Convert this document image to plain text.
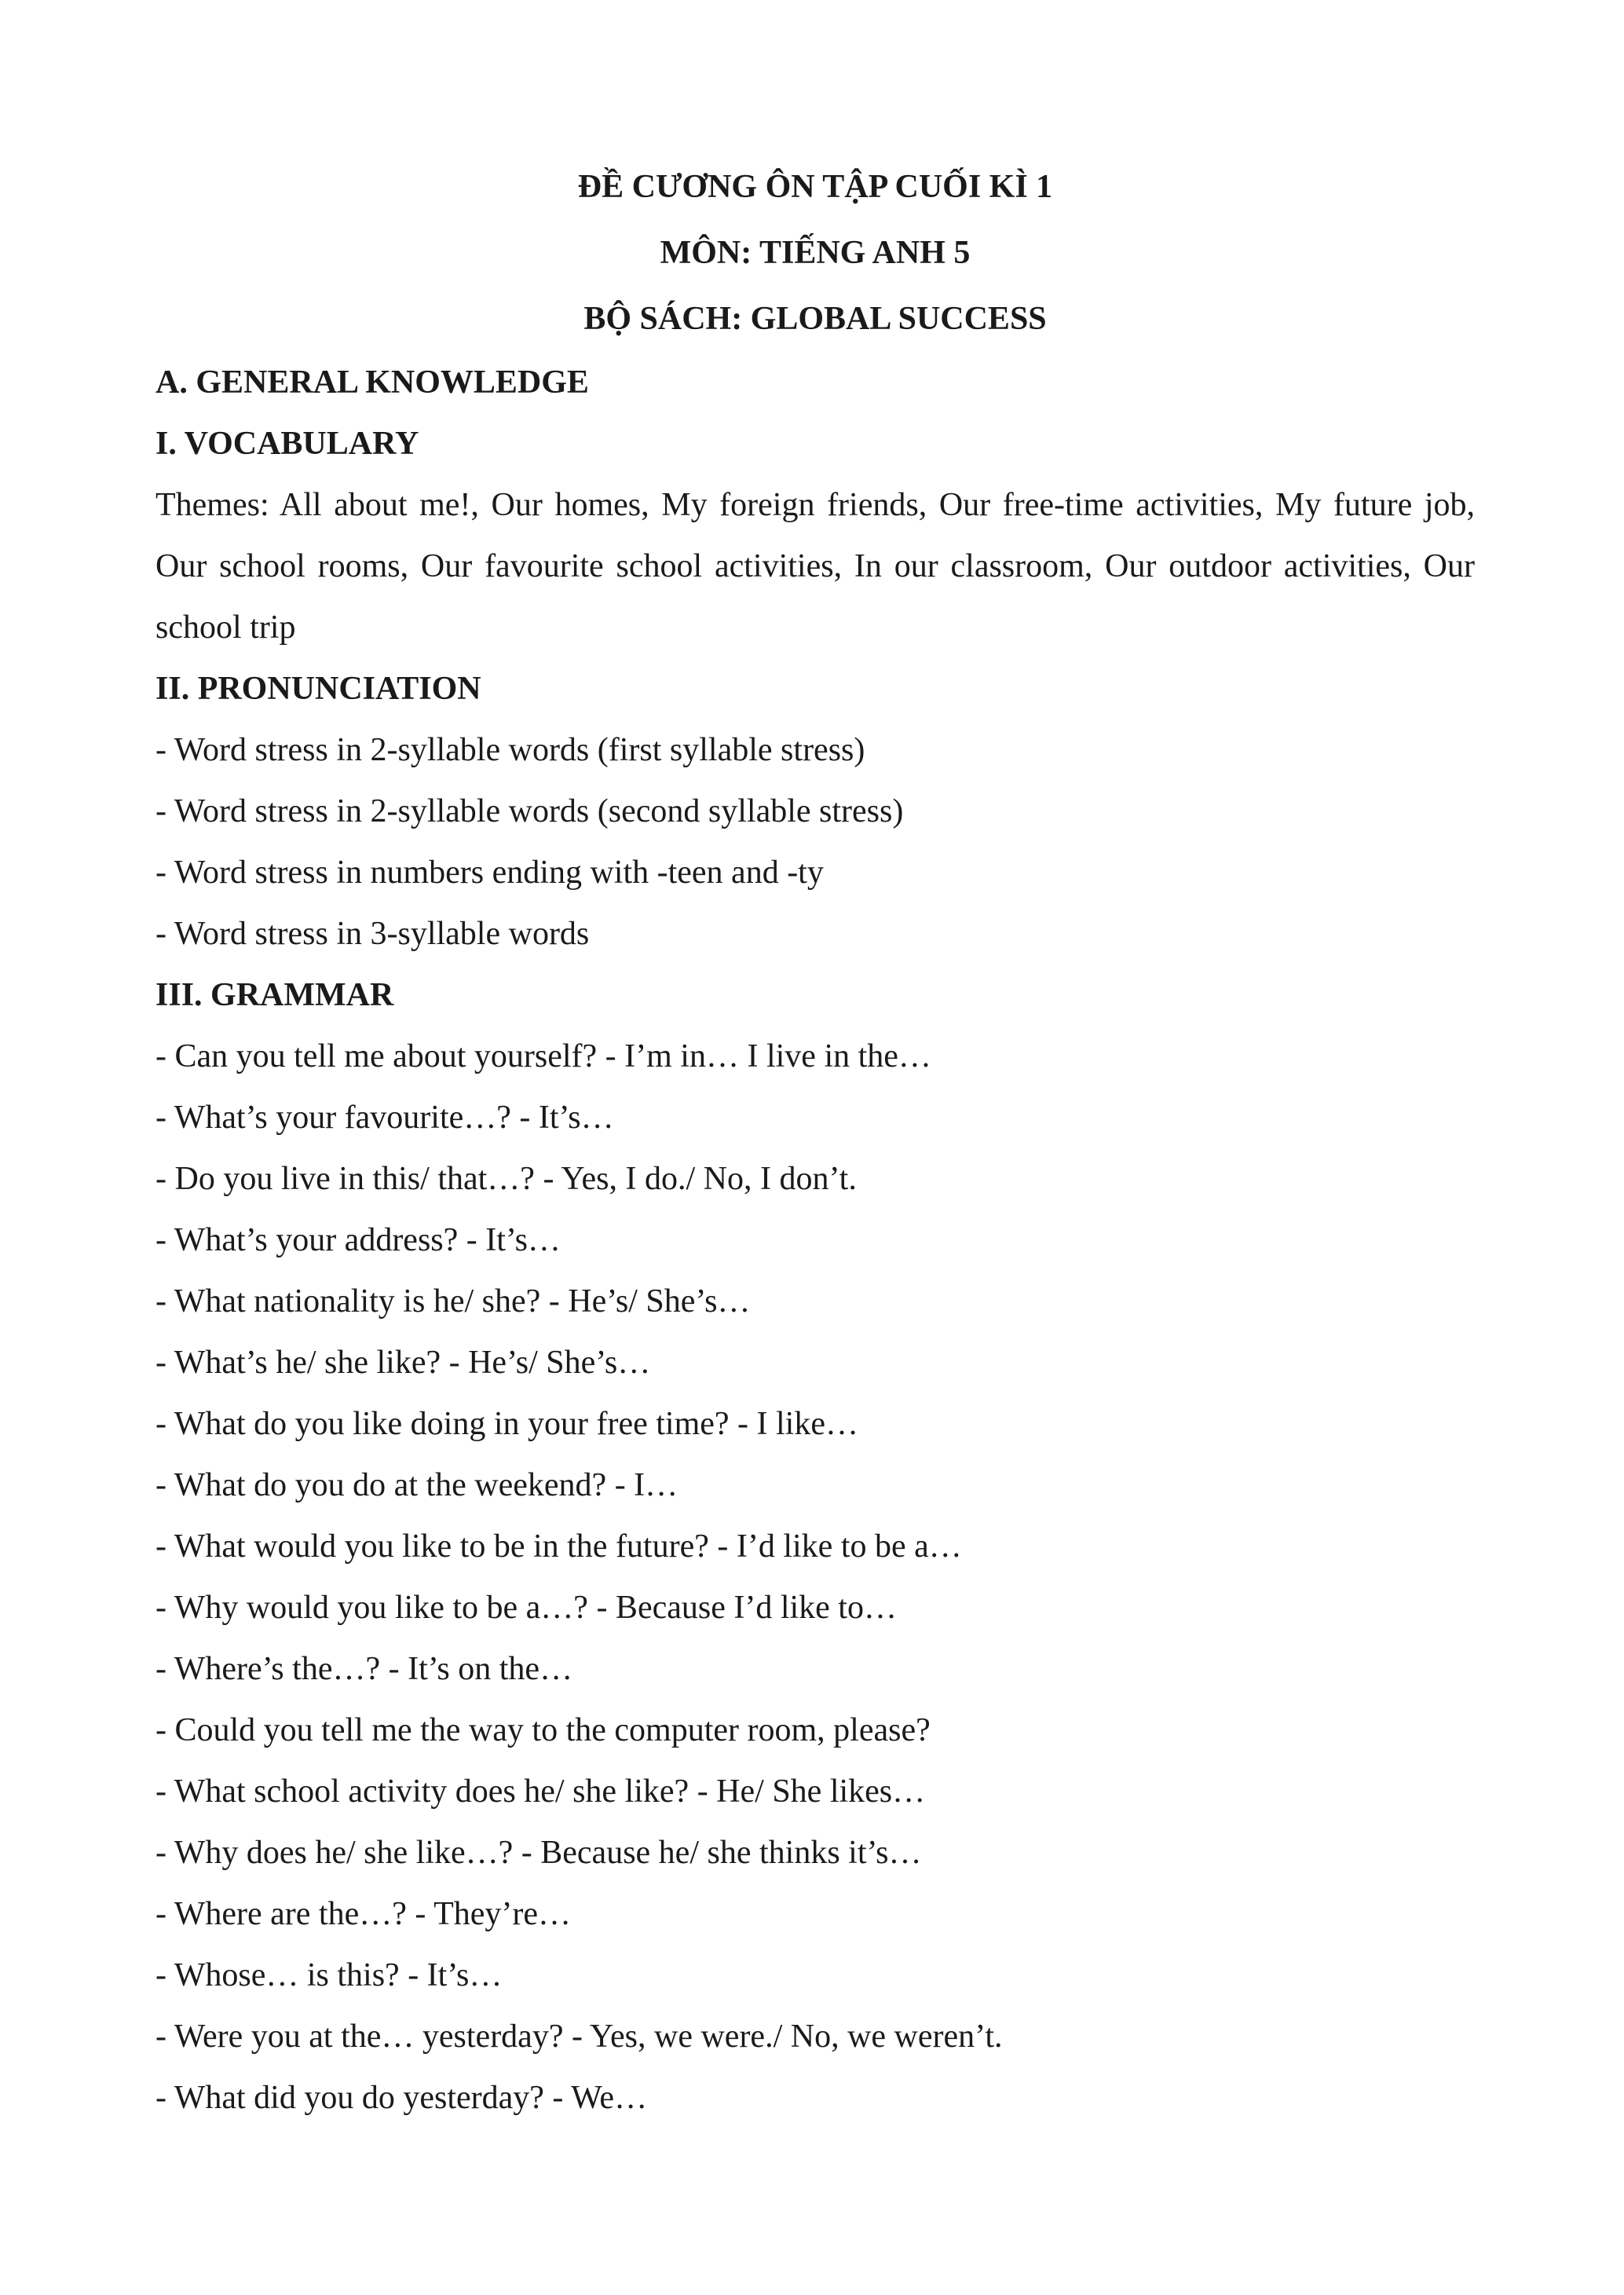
ĐỀ CƯƠNG ÔN TẬP CUỐI KÌ 1

MÔN: TIẾNG ANH 5

BỘ SÁCH: GLOBAL SUCCESS

A. GENERAL KNOWLEDGE

I. VOCABULARY

Themes: All about me!, Our homes, My foreign friends, Our free-time activities, My future job, Our school rooms, Our favourite school activities, In our classroom, Our outdoor activities, Our school trip

II. PRONUNCIATION

- Word stress in 2-syllable words (first syllable stress)

- Word stress in 2-syllable words (second syllable stress)

- Word stress in numbers ending with -teen and -ty

- Word stress in 3-syllable words

III. GRAMMAR

- Can you tell me about yourself? - I’m in… I live in the…

- What’s your favourite…? - It’s…

- Do you live in this/ that…? - Yes, I do./ No, I don’t.

- What’s your address? - It’s…

- What nationality is he/ she? - He’s/ She’s…

- What’s he/ she like? - He’s/ She’s…

- What do you like doing in your free time? - I like…

- What do you do at the weekend? - I…

- What would you like to be in the future? - I’d like to be a…

- Why would you like to be a…? - Because I’d like to…

- Where’s the…? - It’s on the…

- Could you tell me the way to the computer room, please?

- What school activity does he/ she like? - He/ She likes…

- Why does he/ she like…? - Because he/ she thinks it’s…

- Where are the…? - They’re…

- Whose… is this? - It’s…

- Were you at the… yesterday? - Yes, we were./ No, we weren’t.

- What did you do yesterday? - We…
